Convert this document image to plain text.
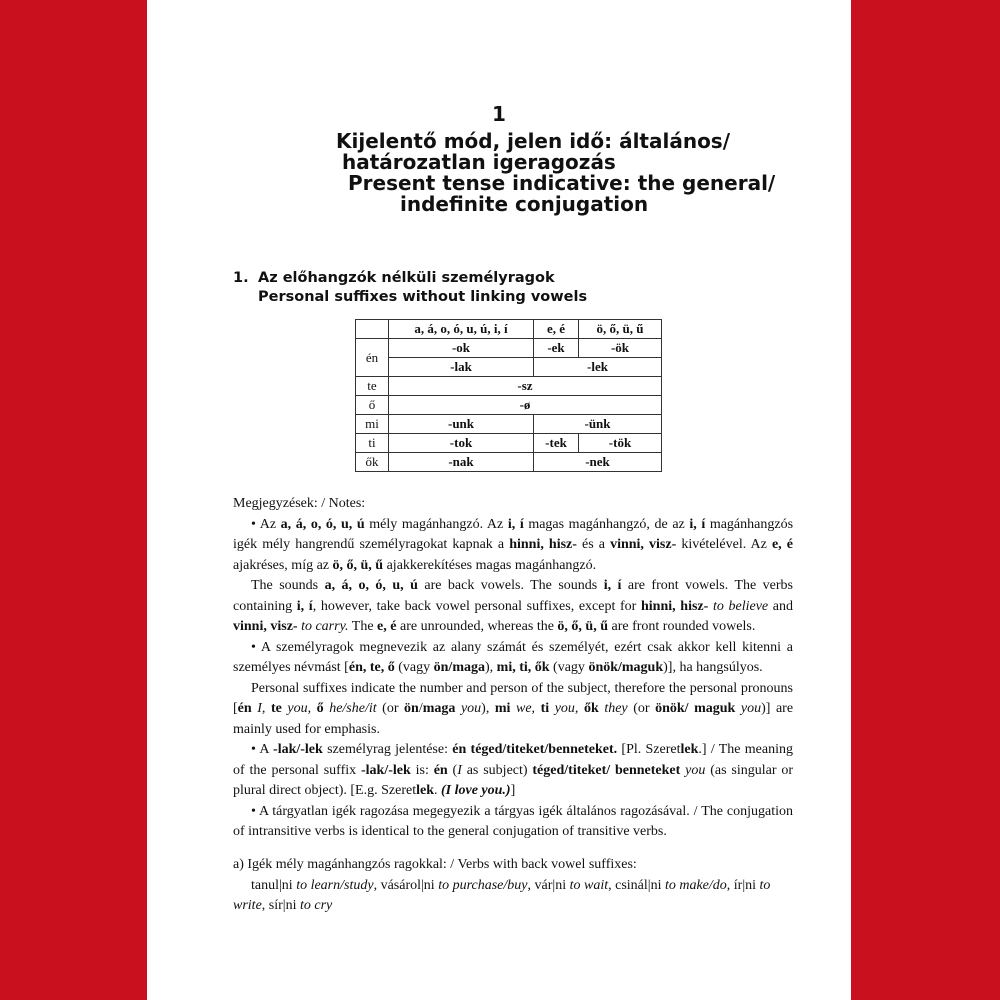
1
Kijelentő mód, jelen idő: általános/
határozatlan igeragozás
Present tense indicative: the general/
indefinite conjugation
1. Az előhangzók nélküli személyragok
Personal suffixes without linking vowels
	a, á, o, ó, u, ú, i, í	e, é	ö, ő, ü, ű
én	-ok	-ek	-ök
	-lak	-lek	
te	-sz		
ő	-ø		
mi	-unk	-ünk	
ti	-tok	-tek	-tök
ők	-nak	-nek	

Megjegyzések: / Notes:

• Az a, á, o, ó, u, ú mély magánhangzó. Az i, í magas magánhangzó, de az i, í magánhangzós igék mély hangrendű személyragokat kapnak a hinni, hisz- és a vinni, visz- kivételével. Az e, é ajakréses, míg az ö, ő, ü, ű ajakkerekítéses magas magánhangzó.

The sounds a, á, o, ó, u, ú are back vowels. The sounds i, í are front vowels. The verbs containing i, í, however, take back vowel personal suffixes, except for hinni, hisz- to believe and vinni, visz- to carry. The e, é are unrounded, whereas the ö, ő, ü, ű are front rounded vowels.

• A személyragok megnevezik az alany számát és személyét, ezért csak akkor kell kitenni a személyes névmást [én, te, ő (vagy ön/maga), mi, ti, ők (vagy önök/maguk)], ha hangsúlyos.

Personal suffixes indicate the number and person of the subject, therefore the personal pronouns [én I, te you, ő he/she/it (or ön/maga you), mi we, ti you, ők they (or önök/ maguk you)] are mainly used for emphasis.

• A -lak/-lek személyrag jelentése: én téged/titeket/benneteket. [Pl. Szeretlek.] / The meaning of the personal suffix -lak/-lek is: én (I as subject) téged/titeket/ benneteket you (as singular or plural direct object). [E.g. Szeretlek. (I love you.)]

• A tárgyatlan igék ragozása megegyezik a tárgyas igék általános ragozásával. / The conjugation of intransitive verbs is identical to the general conjugation of transitive verbs.

a) Igék mély magánhangzós ragokkal: / Verbs with back vowel suffixes:

tanul|ni to learn/study, vásárol|ni to purchase/buy, vár|ni to wait, csinál|ni to make/do, ír|ni to write, sír|ni to cry
